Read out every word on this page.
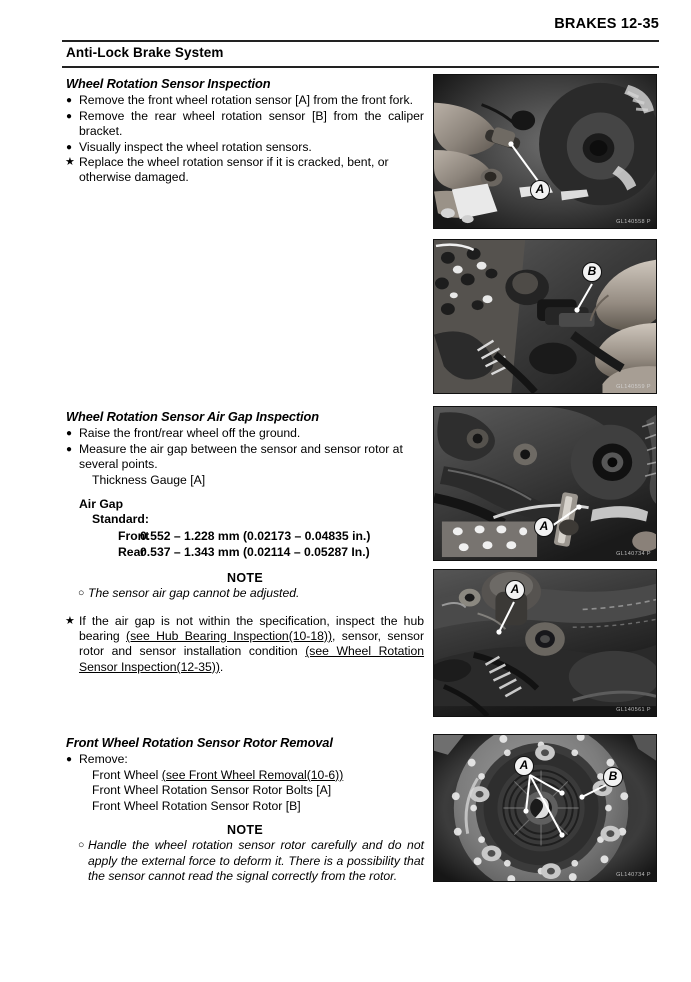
BRAKES 12-35
Anti-Lock Brake System
Wheel Rotation Sensor Inspection
● Remove the front wheel rotation sensor [A] from the front fork.
● Remove the rear wheel rotation sensor [B] from the caliper bracket.
● Visually inspect the wheel rotation sensors.
★ Replace the wheel rotation sensor if it is cracked, bent, or otherwise damaged.
Wheel Rotation Sensor Air Gap Inspection
● Raise the front/rear wheel off the ground.
● Measure the air gap between the sensor and sensor rotor at several points.
Thickness Gauge [A]
Air Gap
Standard:
Front
0.552 – 1.228 mm (0.02173 – 0.04835 in.)
Rear
0.537 – 1.343 mm (0.02114 – 0.05287 In.)
NOTE
○ The sensor air gap cannot be adjusted.
★ If the air gap is not within the specification, inspect the hub bearing (see Hub Bearing Inspection(10-18)), sensor, sensor rotor and sensor installation condition (see Wheel Rotation Sensor Inspection(12-35)).
Front Wheel Rotation Sensor Rotor Removal
● Remove:
Front Wheel (see Front Wheel Removal(10-6))
Front Wheel Rotation Sensor Rotor Bolts [A]
Front Wheel Rotation Sensor Rotor [B]
NOTE
○ Handle the wheel rotation sensor rotor carefully and do not apply the external force to deform it. There is a possibility that the sensor cannot read the signal correctly from the rotor.
A
GL140558 P
B
GL140559 P
A
GL140734 P
A
GL140561 P
A
B
GL140734 P
